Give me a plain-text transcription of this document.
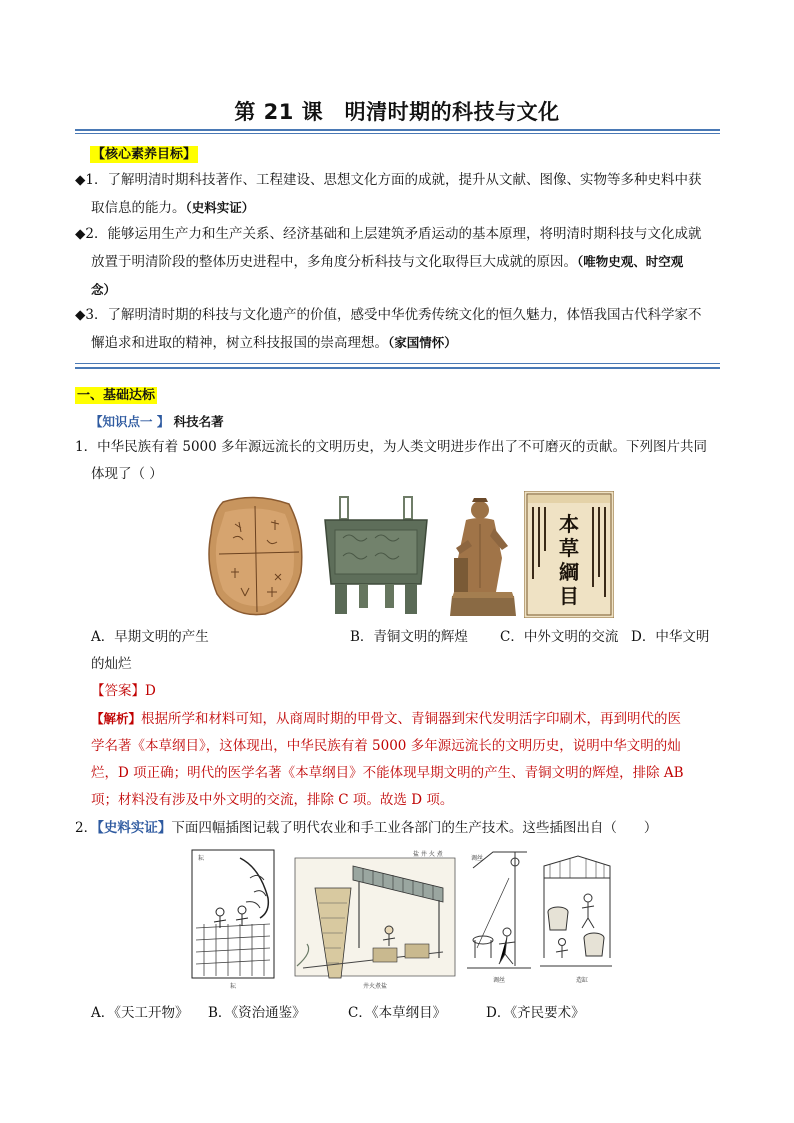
第 21 课　明清时期的科技与文化
【核心素养目标】
◆1．了解明清时期科技著作、工程建设、思想文化方面的成就，提升从文献、图像、实物等多种史料中获
取信息的能力。（史料实证）
◆2．能够运用生产力和生产关系、经济基础和上层建筑矛盾运动的基本原理，将明清时期科技与文化成就
放置于明清阶段的整体历史进程中，多角度分析科技与文化取得巨大成就的原因。（唯物史观、时空观
念）
◆3．了解明清时期的科技与文化遗产的价值，感受中华优秀传统文化的恒久魅力，体悟我国古代科学家不
懈追求和进取的精神，树立科技报国的崇高理想。（家国情怀）
一、基础达标
【知识点一 】 科技名著
1．中华民族有着 5000 多年源远流长的文明历史，为人类文明进步作出了不可磨灭的贡献。下列图片共同
体现了（ ）
本
草
綱
目
A．早期文明的产生	B．青铜文明的辉煌 C．中外文明的交流 D．中华文明
的灿烂
【答案】D
【解析】根据所学和材料可知，从商周时期的甲骨文、青铜器到宋代发明活字印刷术，再到明代的医
学名著《本草纲目》，这体现出，中华民族有着 5000 多年源远流长的文明历史，说明中华文明的灿
烂，D 项正确；明代的医学名著《本草纲目》不能体现早期文明的产生、青铜文明的辉煌，排除 AB
项；材料没有涉及中外文明的交流，排除 C 项。故选 D 项。
2．【史料实证】下面四幅插图记载了明代农业和手工业各部门的生产技术。这些插图出自（　　）
耘
耘
盐 井 火 煮
井火煮盐
调丝
调丝	造缸
A．《天工开物》 B．《资治通鉴》	C．《本草纲目》	D．《齐民要术》
